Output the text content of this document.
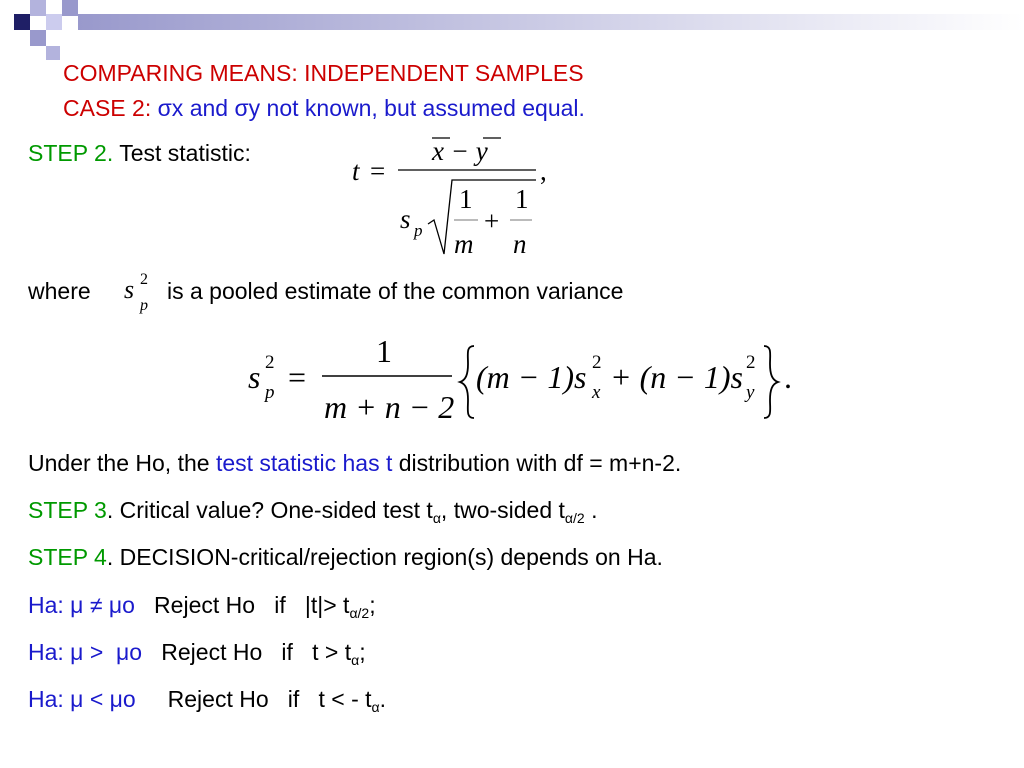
COMPARING MEANS: INDEPENDENT SAMPLES
CASE 2: σx and σy not known, but assumed equal.
STEP 2. Test statistic:
t =
x − y
s p
1
m
+
1
n
,
where s 2
p
is a pooled estimate of the common variance
s 2
p =
1
m + n − 2
(m − 1)s 2
x + (n − 1)s 2
y .
Under the Ho, the test statistic has t distribution with df = m+n-2.
STEP 3. Critical value? One-sided test $t_\alpha$, two-sided $t_{\alpha/2}$ .
STEP 4. DECISION-critical/rejection region(s) depends on Ha.
Ha: μ ≠ μo   Reject Ho   if   $|t|> t_{\alpha/2}$;
Ha: μ >  μo   Reject Ho   if   $t > t_\alpha$;
Ha: μ < μo     Reject Ho   if   t < - $t_\alpha$.
